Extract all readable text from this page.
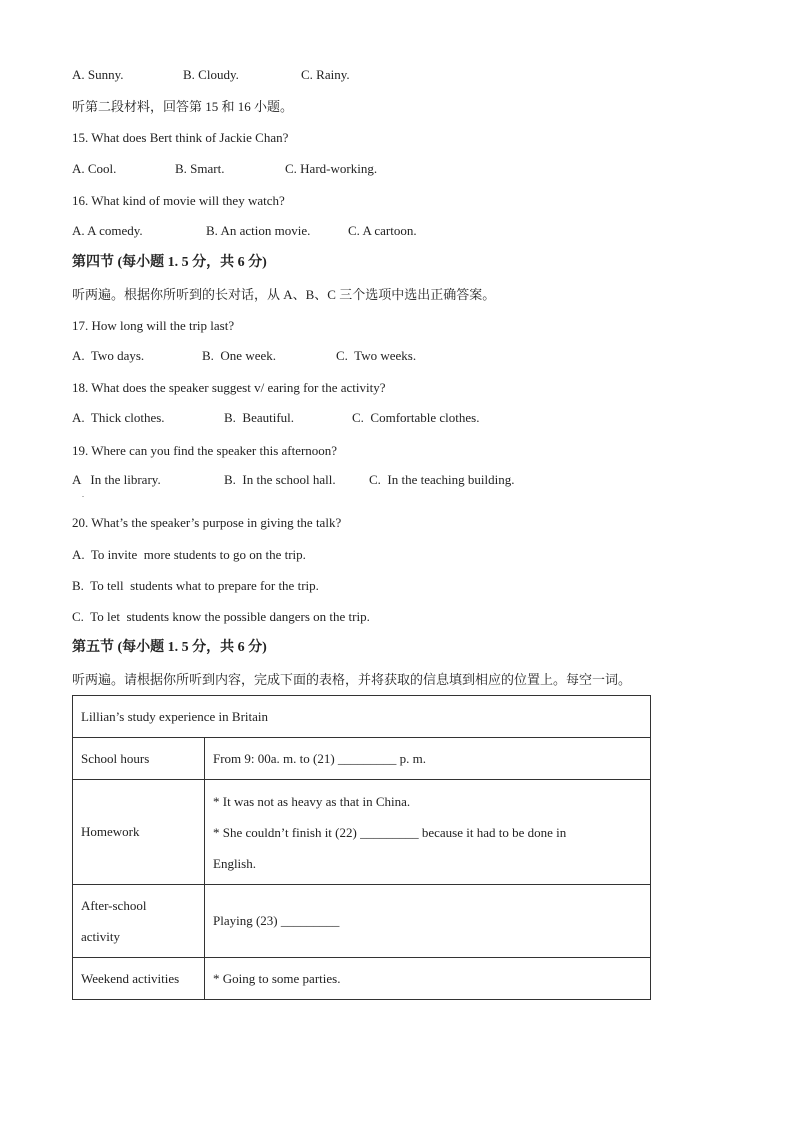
A. Sunny.	B. Cloudy.	C. Rainy.
听第二段材料，回答第 15 和 16 小题。
15. What does Bert think of Jackie Chan?
A. Cool.	B. Smart.	C. Hard-working.
16. What kind of movie will they watch?
A. A comedy.	B. An action movie.	C. A cartoon.
第四节 (每小题 1. 5 分，共 6 分)
听两遍。根据你所听到的长对话，从 A、B、C 三个选项中选出正确答案。
17. How long will the trip last?
A.  Two days.	B.  One week.	C.  Two weeks.
18. What does the speaker suggest v/ earing for the activity?
A.  Thick clothes.	B.  Beautiful.	C.  Comfortable clothes.
19. Where can you find the speaker this afternoon?
A   In the library.	B.  In the school hall.	C.  In the teaching building.
.
20. What’s the speaker’s purpose in giving the talk?
A.  To invite  more students to go on the trip.
B.  To tell  students what to prepare for the trip.
C.  To let  students know the possible dangers on the trip.
第五节 (每小题 1. 5 分，共 6 分)
听两遍。请根据你所听到内容，完成下面的表格，并将获取的信息填到相应的位置上。每空一词。
Lillian’s study experience in Britain	
School hours	From 9: 00a. m. to (21) _________ p. m.
Homework	* It was not as heavy as that in China.
* She couldn’t finish it (22) _________ because it had to be done in
English.

After-school
activity	Playing (23) _________
Weekend activities	* Going to some parties.
